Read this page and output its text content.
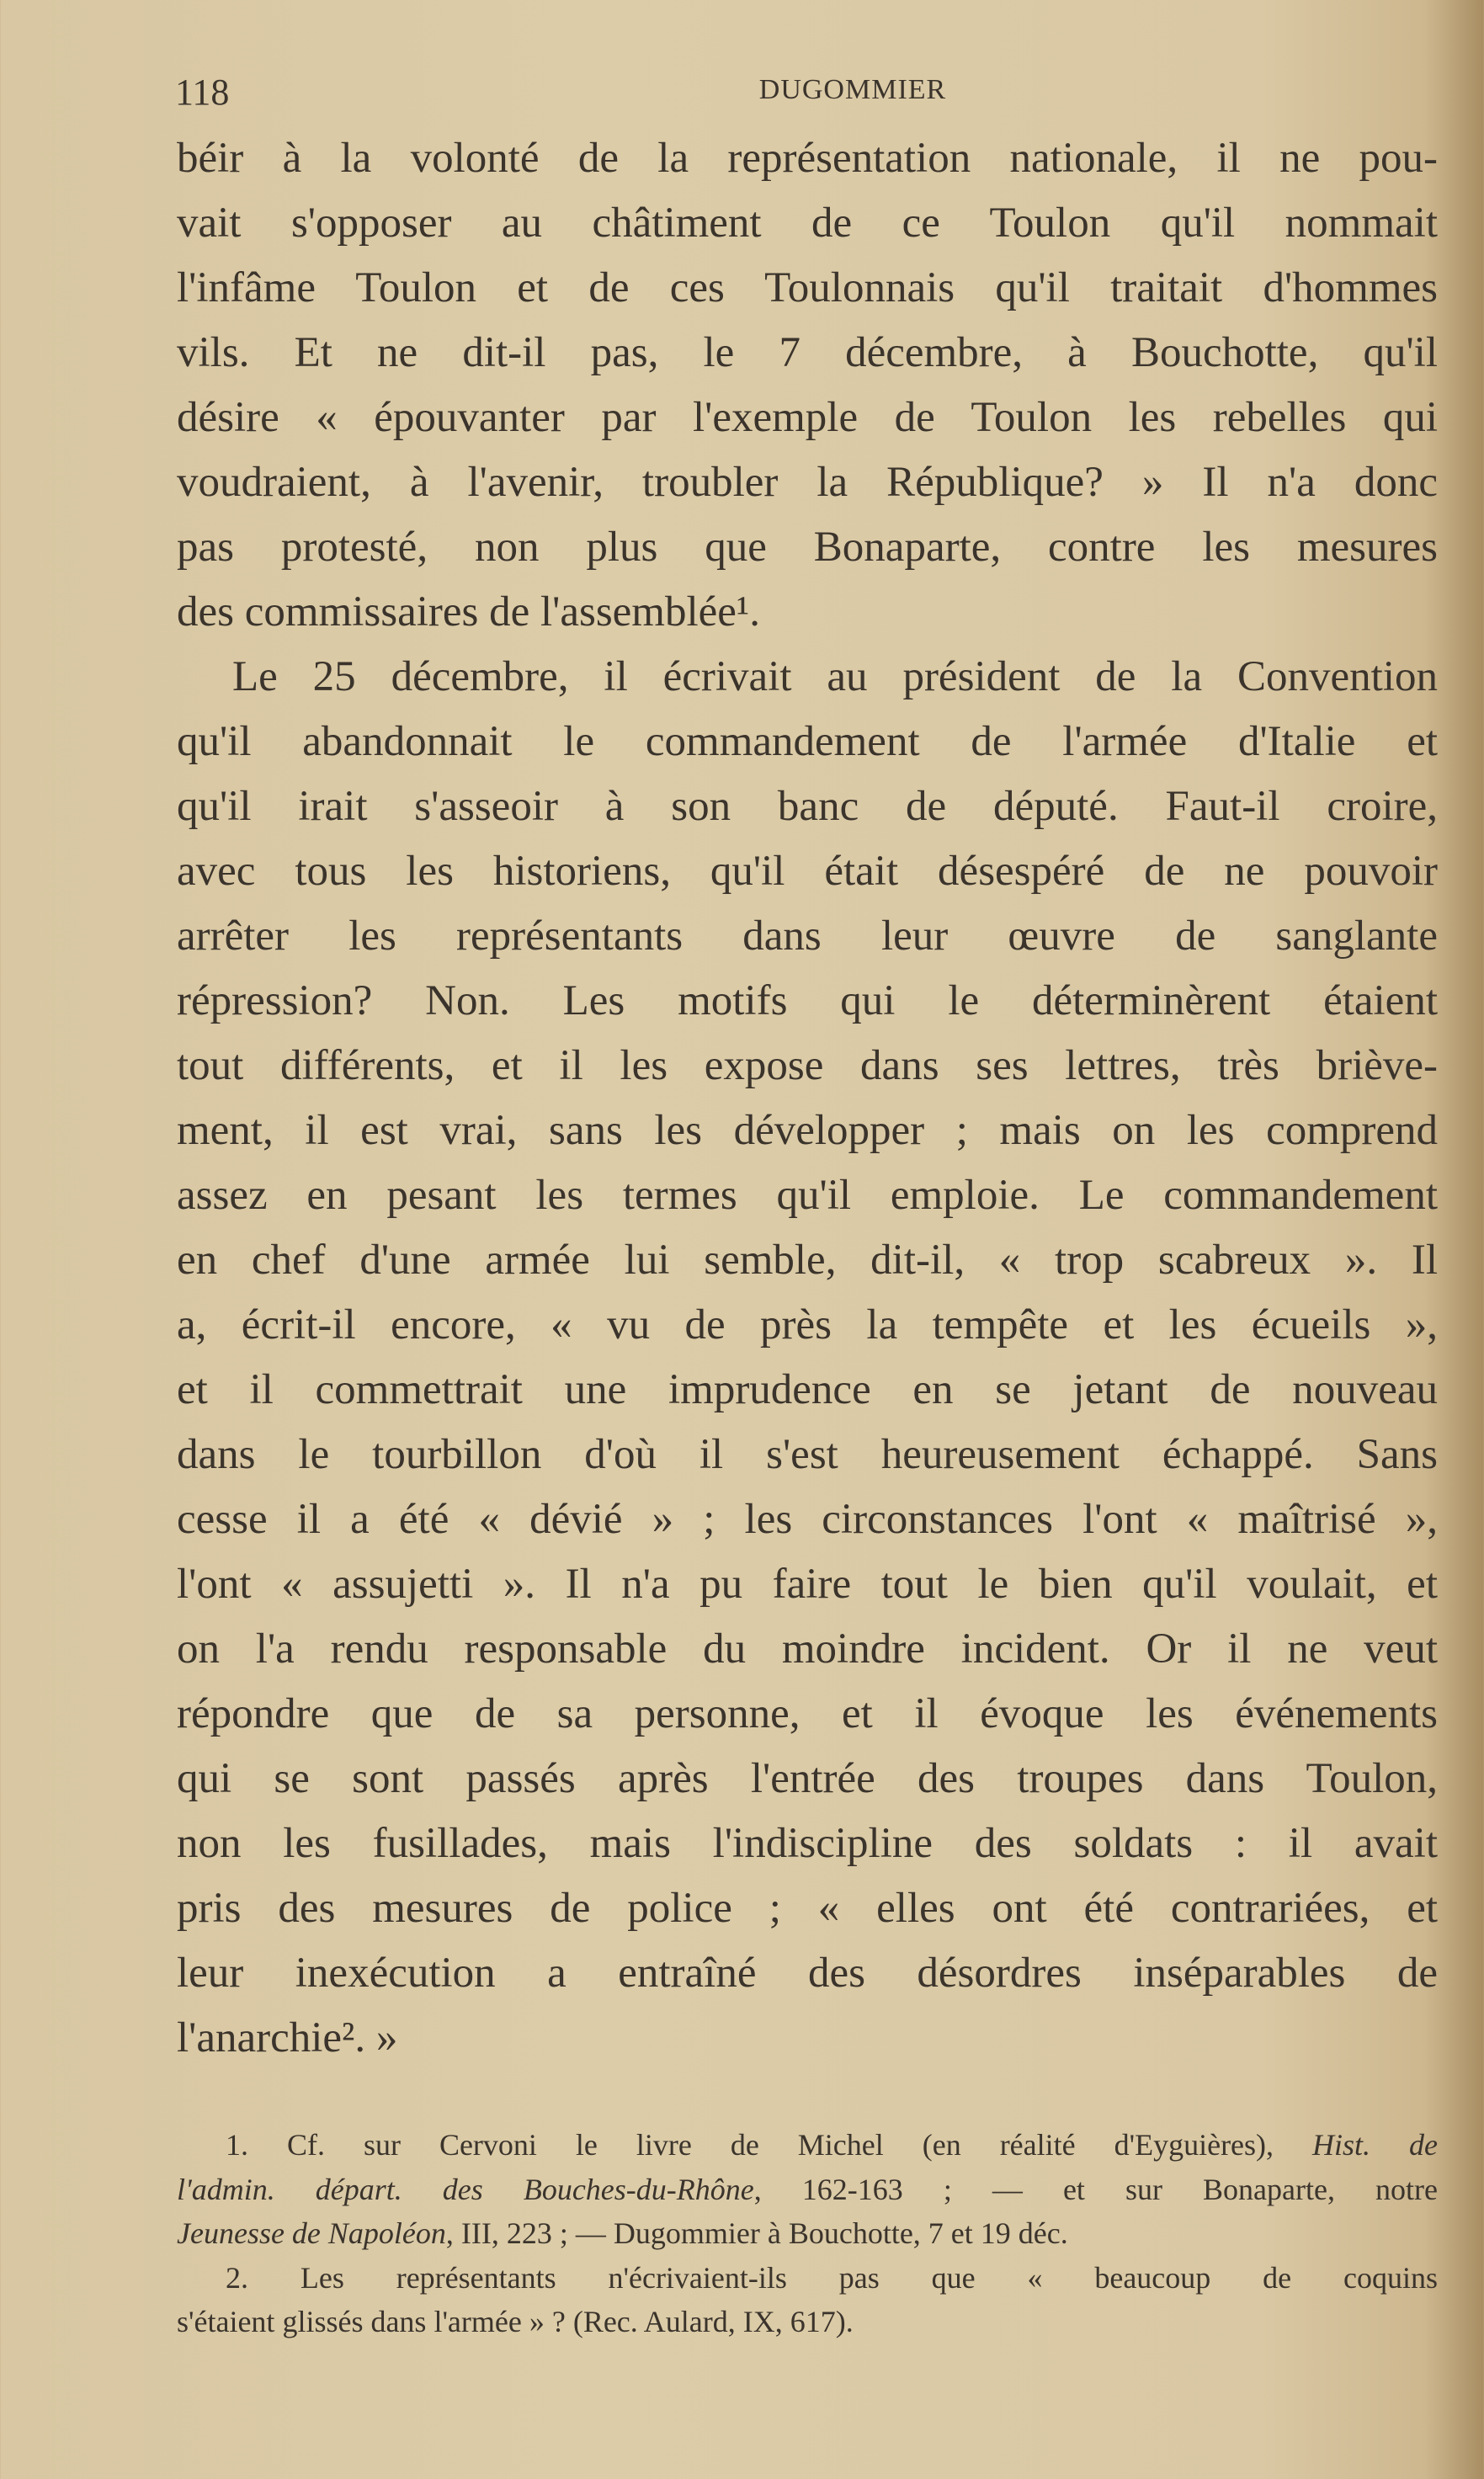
118	DUGOMMIER
béir à la volonté de la représentation nationale, il ne pou-
vait s'opposer au châtiment de ce Toulon qu'il nommait
l'infâme Toulon et de ces Toulonnais qu'il traitait d'hommes
vils. Et ne dit-il pas, le 7 décembre, à Bouchotte, qu'il
désire « épouvanter par l'exemple de Toulon les rebelles qui
voudraient, à l'avenir, troubler la République? » Il n'a donc
pas protesté, non plus que Bonaparte, contre les mesures
des commissaires de l'assemblée¹.
Le 25 décembre, il écrivait au président de la Convention
qu'il abandonnait le commandement de l'armée d'Italie et
qu'il irait s'asseoir à son banc de député. Faut-il croire,
avec tous les historiens, qu'il était désespéré de ne pouvoir
arrêter les représentants dans leur œuvre de sanglante
répression? Non. Les motifs qui le déterminèrent étaient
tout différents, et il les expose dans ses lettres, très briève-
ment, il est vrai, sans les développer ; mais on les comprend
assez en pesant les termes qu'il emploie. Le commandement
en chef d'une armée lui semble, dit-il, « trop scabreux ». Il
a, écrit-il encore, « vu de près la tempête et les écueils »,
et il commettrait une imprudence en se jetant de nouveau
dans le tourbillon d'où il s'est heureusement échappé. Sans
cesse il a été « dévié » ; les circonstances l'ont « maîtrisé »,
l'ont « assujetti ». Il n'a pu faire tout le bien qu'il voulait, et
on l'a rendu responsable du moindre incident. Or il ne veut
répondre que de sa personne, et il évoque les événements
qui se sont passés après l'entrée des troupes dans Toulon,
non les fusillades, mais l'indiscipline des soldats : il avait
pris des mesures de police ; « elles ont été contrariées, et
leur inexécution a entraîné des désordres inséparables de
l'anarchie². »
1. Cf. sur Cervoni le livre de Michel (en réalité d'Eyguières), Hist. de
l'admin. départ. des Bouches-du-Rhône, 162-163 ; — et sur Bonaparte, notre
Jeunesse de Napoléon, III, 223 ; — Dugommier à Bouchotte, 7 et 19 déc.
2. Les représentants n'écrivaient-ils pas que « beaucoup de coquins
s'étaient glissés dans l'armée » ? (Rec. Aulard, IX, 617).
